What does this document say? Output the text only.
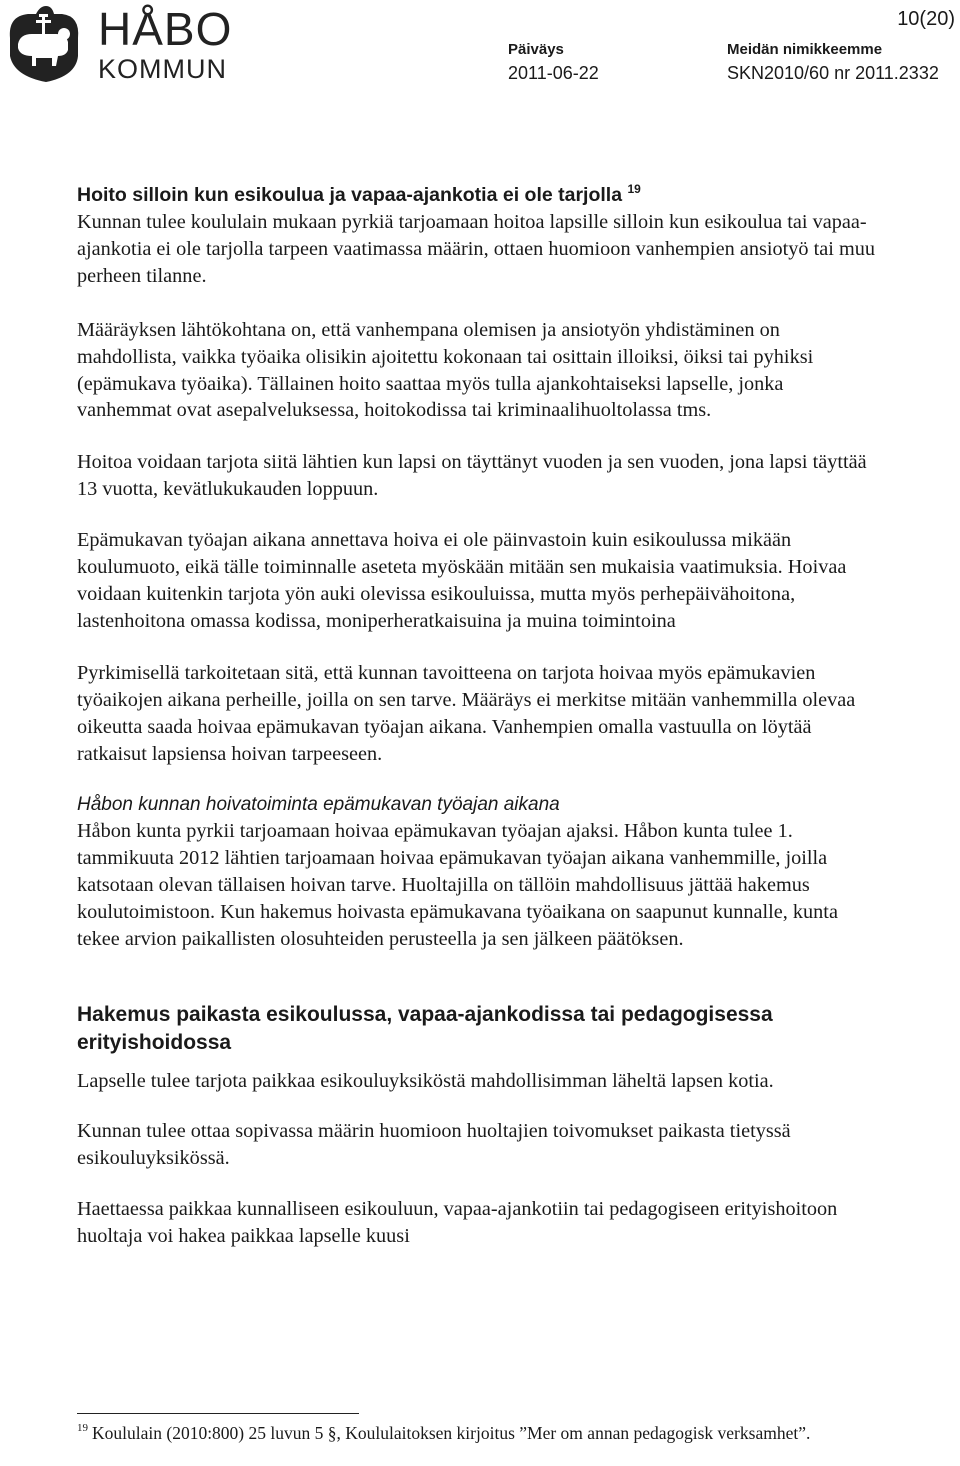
HÅBO
KOMMUN
10(20)
Päiväys
2011-06-22
Meidän nimikkeemme
SKN2010/60 nr 2011.2332
Hoito silloin kun esikoulua ja vapaa-ajankotia ei ole tarjolla $^{19}$

Kunnan tulee koululain mukaan pyrkiä tarjoamaan hoitoa lapsille silloin kun esikoulua tai vapaa-ajankotia ei ole tarjolla tarpeen vaatimassa määrin, ottaen huomioon vanhempien ansiotyö tai muu perheen tilanne.

Määräyksen lähtökohtana on, että vanhempana olemisen ja ansiotyön yhdistäminen on mahdollista, vaikka työaika olisikin ajoitettu kokonaan tai osittain illoiksi, öiksi tai pyhiksi (epämukava työaika). Tällainen hoito saattaa myös tulla ajankohtaiseksi lapselle, jonka vanhemmat ovat asepalveluksessa, hoitokodissa tai kriminaalihuoltolassa tms.

Hoitoa voidaan tarjota siitä lähtien kun lapsi on täyttänyt vuoden ja sen vuoden, jona lapsi täyttää 13 vuotta, kevätlukukauden loppuun.

Epämukavan työajan aikana annettava hoiva ei ole päinvastoin kuin esikoulussa mikään koulumuoto, eikä tälle toiminnalle aseteta myöskään mitään sen mukaisia vaatimuksia. Hoivaa voidaan kuitenkin tarjota yön auki olevissa esikouluissa, mutta myös perhepäivähoitona, lastenhoitona omassa kodissa, moniperheratkaisuina ja muina toimintoina

Pyrkimisellä tarkoitetaan sitä, että kunnan tavoitteena on tarjota hoivaa myös epämukavien työaikojen aikana perheille, joilla on sen tarve. Määräys ei merkitse mitään vanhemmilla olevaa oikeutta saada hoivaa epämukavan työajan aikana. Vanhempien omalla vastuulla on löytää ratkaisut lapsiensa hoivan tarpeeseen.

Håbon kunnan hoivatoiminta epämukavan työajan aikana

Håbon kunta pyrkii tarjoamaan hoivaa epämukavan työajan ajaksi. Håbon kunta tulee 1. tammikuuta 2012 lähtien tarjoamaan hoivaa epämukavan työajan aikana vanhemmille, joilla katsotaan olevan tällaisen hoivan tarve. Huoltajilla on tällöin mahdollisuus jättää hakemus koulutoimistoon. Kun hakemus hoivasta epämukavana työaikana on saapunut kunnalle, kunta tekee arvion paikallisten olosuhteiden perusteella ja sen jälkeen päätöksen.

Hakemus paikasta esikoulussa, vapaa-ajankodissa tai pedagogisessa erityishoidossa

Lapselle tulee tarjota paikkaa esikouluyksiköstä mahdollisimman läheltä lapsen kotia.

Kunnan tulee ottaa sopivassa määrin huomioon huoltajien toivomukset paikasta tietyssä esikouluyksikössä.

Haettaessa paikkaa kunnalliseen esikouluun, vapaa-ajankotiin tai pedagogiseen erityishoitoon huoltaja voi hakea paikkaa lapselle kuusi

$^{19}$ Koululain (2010:800) 25 luvun 5 §, Koululaitoksen kirjoitus ”Mer om annan pedagogisk verksamhet”.
